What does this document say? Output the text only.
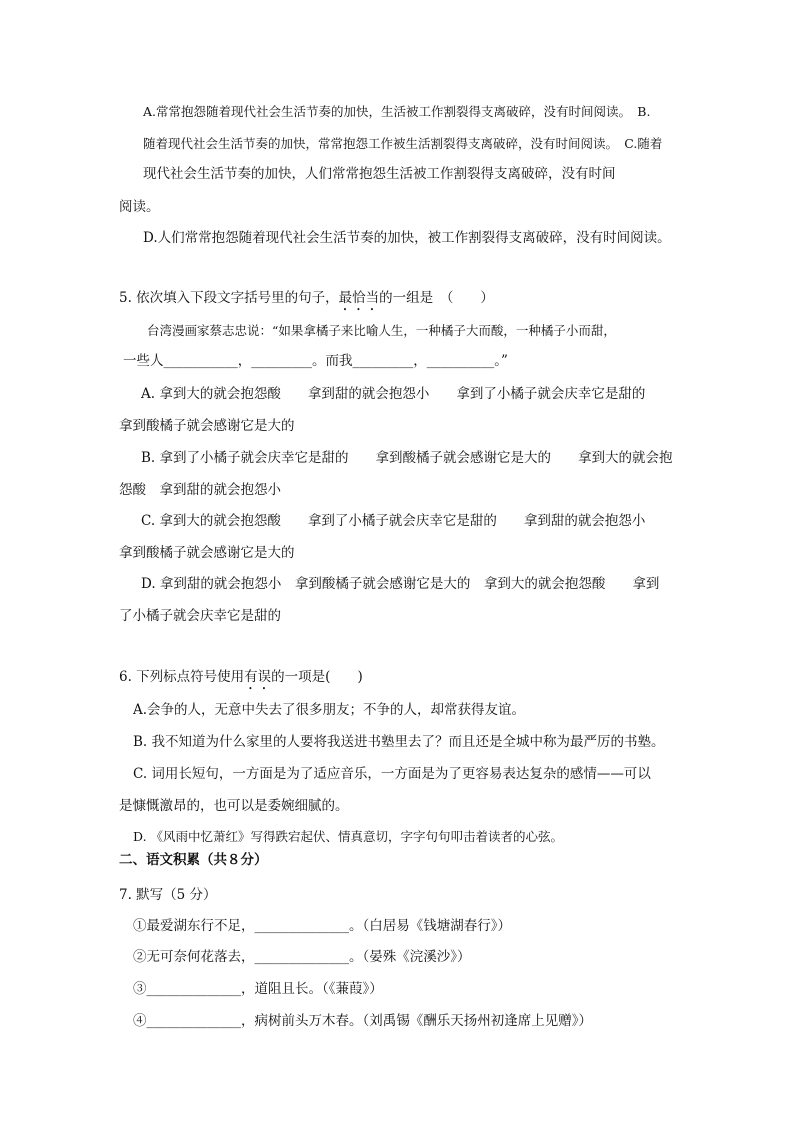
A.常常抱怨随着现代社会生活节奏的加快，生活被工作割裂得支离破碎，没有时间阅读。　B.
随着现代社会生活节奏的加快，常常抱怨工作被生活割裂得支离破碎，没有时间阅读。　C.随着
现代社会生活节奏的加快，人们常常抱怨生活被工作割裂得支离破碎，没有时间
阅读。
D.人们常常抱怨随着现代社会生活节奏的加快，被工作割裂得支离破碎，没有时间阅读。
5. 依次填入下段文字括号里的句子，最恰当的一组是　（　　）
台湾漫画家蔡志忠说：“如果拿橘子来比喻人生，一种橘子大而酸，一种橘子小而甜，
一些人___________，_________。而我_________，__________。”
A. 拿到大的就会抱怨酸　　拿到甜的就会抱怨小　　拿到了小橘子就会庆幸它是甜的
拿到酸橘子就会感谢它是大的
B. 拿到了小橘子就会庆幸它是甜的　　拿到酸橘子就会感谢它是大的　　拿到大的就会抱
怨酸　拿到甜的就会抱怨小
C. 拿到大的就会抱怨酸　　拿到了小橘子就会庆幸它是甜的　　拿到甜的就会抱怨小
拿到酸橘子就会感谢它是大的
D. 拿到甜的就会抱怨小　拿到酸橘子就会感谢它是大的　拿到大的就会抱怨酸　　拿到
了小橘子就会庆幸它是甜的
6. 下列标点符号使用有误的一项是(　　)
A.会争的人，无意中失去了很多朋友；不争的人，却常获得友谊。
B. 我不知道为什么家里的人要将我送进书塾里去了？而且还是全城中称为最严厉的书塾。
C. 词用长短句，一方面是为了适应音乐，一方面是为了更容易表达复杂的感情——可以
是慷慨激昂的，也可以是委婉细腻的。
D. 《风雨中忆萧红》写得跌宕起伏、情真意切，字字句句叩击着读者的心弦。
二、语文积累（共８分）
7. 默写（5 分）
①最爱湖东行不足，______________。（白居易《钱塘湖春行》）
②无可奈何花落去，______________。（晏殊《浣溪沙》）
③______________，道阻且长。（《蒹葭》）
④______________，病树前头万木春。（刘禹锡《酬乐天扬州初逢席上见赠》）
